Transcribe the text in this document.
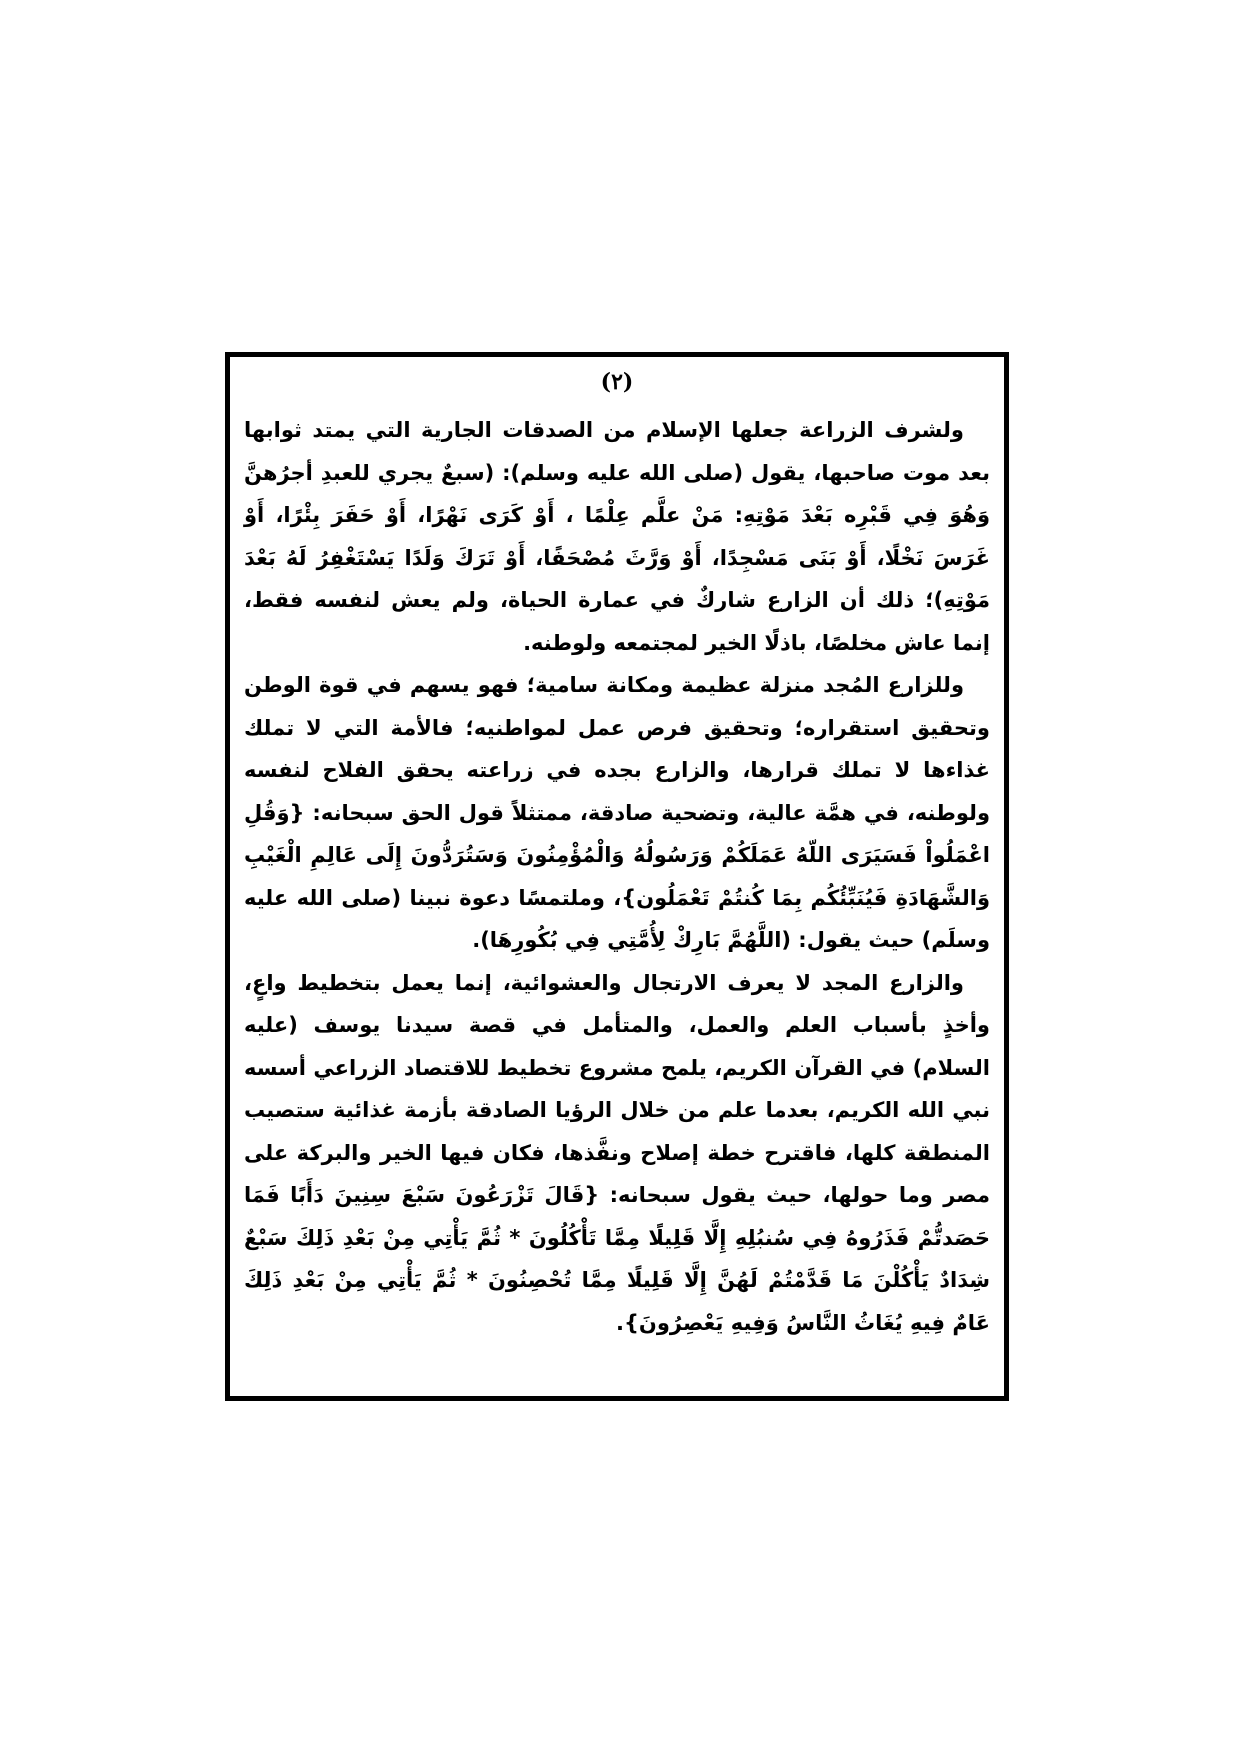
(٢)

ولشرف الزراعة جعلها الإسلام من الصدقات الجارية التي يمتد ثوابها بعد موت صاحبها، يقول (صلى الله عليه وسلم): (سبعٌ يجري للعبدِ أجرُهنَّ وَهُوَ فِي قَبْرِه بَعْدَ مَوْتِهِ: مَنْ علَّم عِلْمًا ، أَوْ كَرَى نَهْرًا، أَوْ حَفَرَ بِئْرًا، أَوْ غَرَسَ نَخْلًا، أَوْ بَنَى مَسْجِدًا، أَوْ وَرَّثَ مُصْحَفًا، أَوْ تَرَكَ وَلَدًا يَسْتَغْفِرُ لَهُ بَعْدَ مَوْتِهِ)؛ ذلك أن الزارع شاركٌ في عمارة الحياة، ولم يعش لنفسه فقط، إنما عاش مخلصًا، باذلًا الخير لمجتمعه ولوطنه.

وللزارع المُجد منزلة عظيمة ومكانة سامية؛ فهو يسهم في قوة الوطن وتحقيق استقراره؛ وتحقيق فرص عمل لمواطنيه؛ فالأمة التي لا تملك غذاءها لا تملك قرارها، والزارع بجده في زراعته يحقق الفلاح لنفسه ولوطنه، في همَّة عالية، وتضحية صادقة، ممتثلاً قول الحق سبحانه: {وَقُلِ اعْمَلُواْ فَسَيَرَى اللّهُ عَمَلَكُمْ وَرَسُولُهُ وَالْمُؤْمِنُونَ وَسَتُرَدُّونَ إِلَى عَالِمِ الْغَيْبِ وَالشَّهَادَةِ فَيُنَبِّئُكُم بِمَا كُنتُمْ تَعْمَلُون}، وملتمسًا دعوة نبينا (صلى الله عليه وسلَم) حيث يقول: (اللَّهُمَّ بَارِكْ لِأُمَّتِي فِي بُكُورِهَا).

والزارع المجد لا يعرف الارتجال والعشوائية، إنما يعمل بتخطيط واعٍ، وأخذٍ بأسباب العلم والعمل، والمتأمل في قصة سيدنا يوسف (عليه السلام) في القرآن الكريم، يلمح مشروع تخطيط للاقتصاد الزراعي أسسه نبي الله الكريم، بعدما علم من خلال الرؤيا الصادقة بأزمة غذائية ستصيب المنطقة كلها، فاقترح خطة إصلاح ونفَّذها، فكان فيها الخير والبركة على مصر وما حولها، حيث يقول سبحانه: {قَالَ تَزْرَعُونَ سَبْعَ سِنِينَ دَأَبًا فَمَا حَصَدتُّمْ فَذَرُوهُ فِي سُنبُلِهِ إِلَّا قَلِيلًا مِمَّا تَأْكُلُونَ * ثُمَّ يَأْتِي مِنْ بَعْدِ ذَلِكَ سَبْعٌ شِدَادٌ يَأْكُلْنَ مَا قَدَّمْتُمْ لَهُنَّ إِلَّا قَلِيلًا مِمَّا تُحْصِنُونَ * ثُمَّ يَأْتِي مِنْ بَعْدِ ذَلِكَ عَامٌ فِيهِ يُغَاثُ النَّاسُ وَفِيهِ يَعْصِرُونَ}.
